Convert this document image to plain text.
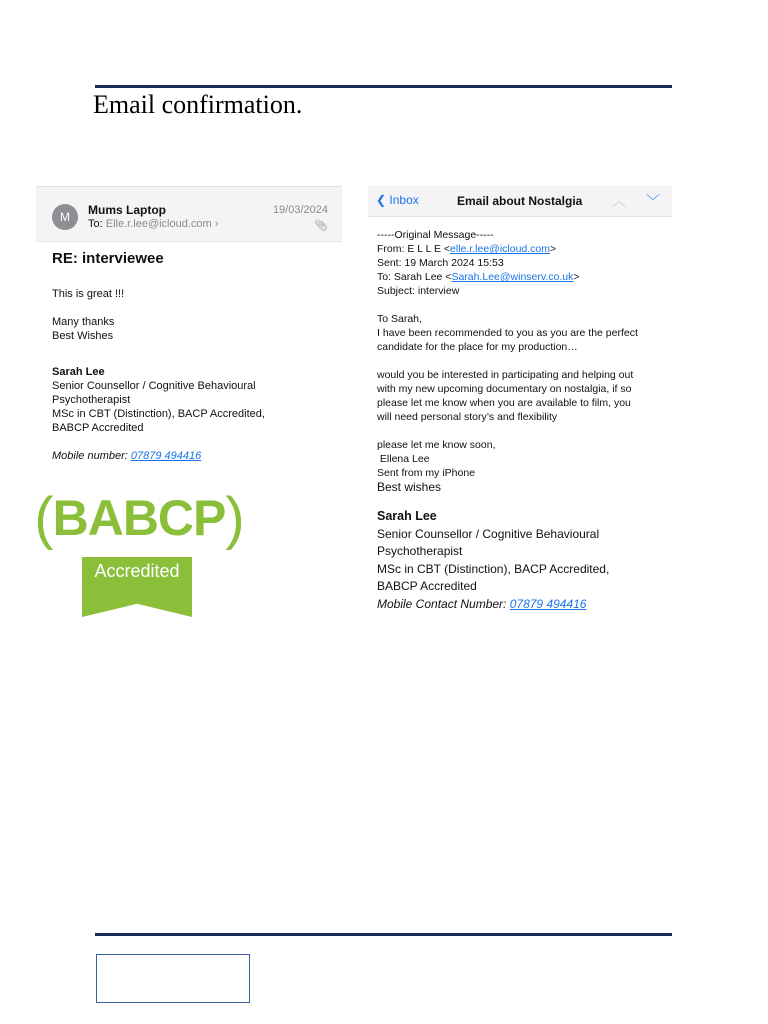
Email confirmation.
M	Mums Laptop
To: Elle.r.lee@icloud.com ›
19/03/2024
📎︎
RE: interviewee

This is great !!!

Many thanks

Best Wishes

Sarah Lee

Senior Counsellor / Cognitive Behavioural

Psychotherapist

MSc in CBT (Distinction), BACP Accredited,

BABCP Accredited

Mobile number: 07879 494416

( BABCP )
Accredited
❮ Inbox	Email about Nostalgia ︿ ﹀

-----Original Message-----

From: E L L E <elle.r.lee@icloud.com>

Sent: 19 March 2024 15:53

To: Sarah Lee <Sarah.Lee@winserv.co.uk>

Subject: interview

To Sarah,

I have been recommended to you as you are the perfect

candidate for the place for my production…

would you be interested in participating and helping out

with my new upcoming documentary on nostalgia, if so

please let me know when you are available to film, you

will need personal story’s and flexibility

please let me know soon,

Ellena Lee

Sent from my iPhone

Best wishes

Sarah Lee

Senior Counsellor / Cognitive Behavioural

Psychotherapist

MSc in CBT (Distinction), BACP Accredited,

BABCP Accredited

Mobile Contact Number: 07879 494416
